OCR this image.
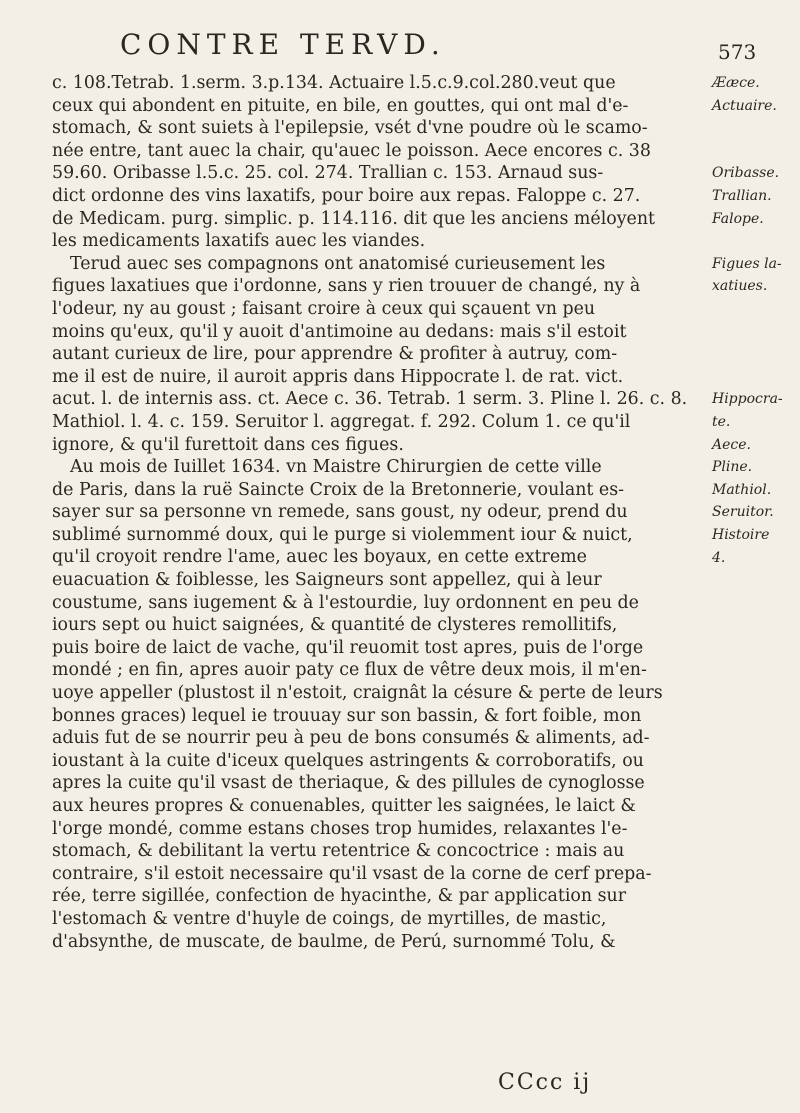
CONTRE TERVD.	573
c. 108.Tetrab. 1.serm. 3.p.134. Actuaire l.5.c.9.col.280.veut que
ceux qui abondent en pituite, en bile, en gouttes, qui ont mal d'e-
stomach, & sont suiets à l'epilepsie, vsét d'vne poudre où le scamo-
née entre, tant auec la chair, qu'auec le poisson. Aece encores c. 38
59.60. Oribasse l.5.c. 25. col. 274. Trallian c. 153. Arnaud sus-
dict ordonne des vins laxatifs, pour boire aux repas. Faloppe c. 27.
de Medicam. purg. simplic. p. 114.116. dit que les anciens méloyent
les medicaments laxatifs auec les viandes.
Terud auec ses compagnons ont anatomisé curieusement les
figues laxatiues que i'ordonne, sans y rien trouuer de changé, ny à
l'odeur, ny au goust ; faisant croire à ceux qui sçauent vn peu
moins qu'eux, qu'il y auoit d'antimoine au dedans: mais s'il estoit
autant curieux de lire, pour apprendre & profiter à autruy, com-
me il est de nuire, il auroit appris dans Hippocrate l. de rat. vict.
acut. l. de internis ass. ct. Aece c. 36. Tetrab. 1 serm. 3. Pline l. 26. c. 8.
Mathiol. l. 4. c. 159. Seruitor l. aggregat. f. 292. Colum 1. ce qu'il
ignore, & qu'il furettoit dans ces figues.
Au mois de Iuillet 1634. vn Maistre Chirurgien de cette ville
de Paris, dans la ruë Saincte Croix de la Bretonnerie, voulant es-
sayer sur sa personne vn remede, sans goust, ny odeur, prend du
sublimé surnommé doux, qui le purge si violemment iour & nuict,
qu'il croyoit rendre l'ame, auec les boyaux, en cette extreme
euacuation & foiblesse, les Saignеurs sont appellez, qui à leur
coustume, sans iugement & à l'estourdie, luy ordonnent en peu de
iours sept ou huict saignées, & quantité de clysteres remollitifs,
puis boire de laict de vache, qu'il reuomit tost apres, puis de l'orge
mondé ; en fin, apres auoir paty ce flux de vêtre deux mois, il m'en-
uoye appeller (plustost il n'estoit, craignât la césure & perte de leurs
bonnes graces) lequel ie trouuay sur son bassin, & fort foible, mon
aduis fut de se nourrir peu à peu de bons consumés & aliments, ad-
ioustant à la cuite d'iceux quelques astringents & corroboratifs, ou
apres la cuite qu'il vsast de theriaque, & des pillules de cynoglosse
aux heures propres & conuenables, quitter les saignées, le laict &
l'orge mondé, comme estans choses trop humides, relaxantes l'e-
stomach, & debilitant la vertu retentrice & concoctrice : mais au
contraire, s'il estoit necessaire qu'il vsast de la corne de cerf prepa-
rée, terre sigillée, confection de hyacinthe, & par application sur
l'estomach & ventre d'huyle de coings, de myrtilles, de mastic,
d'absynthe, de muscate, de baulme, de Perú, surnommé Tolu, &
Ææce.
Actuaire.
Oribasse.
Trallian.
Falope.
Figues la-
xatiues.
Hippocra-
te.
Aece.
Pline.
Mathiol.
Seruitor.
Histoire
4.
CCcc ij
